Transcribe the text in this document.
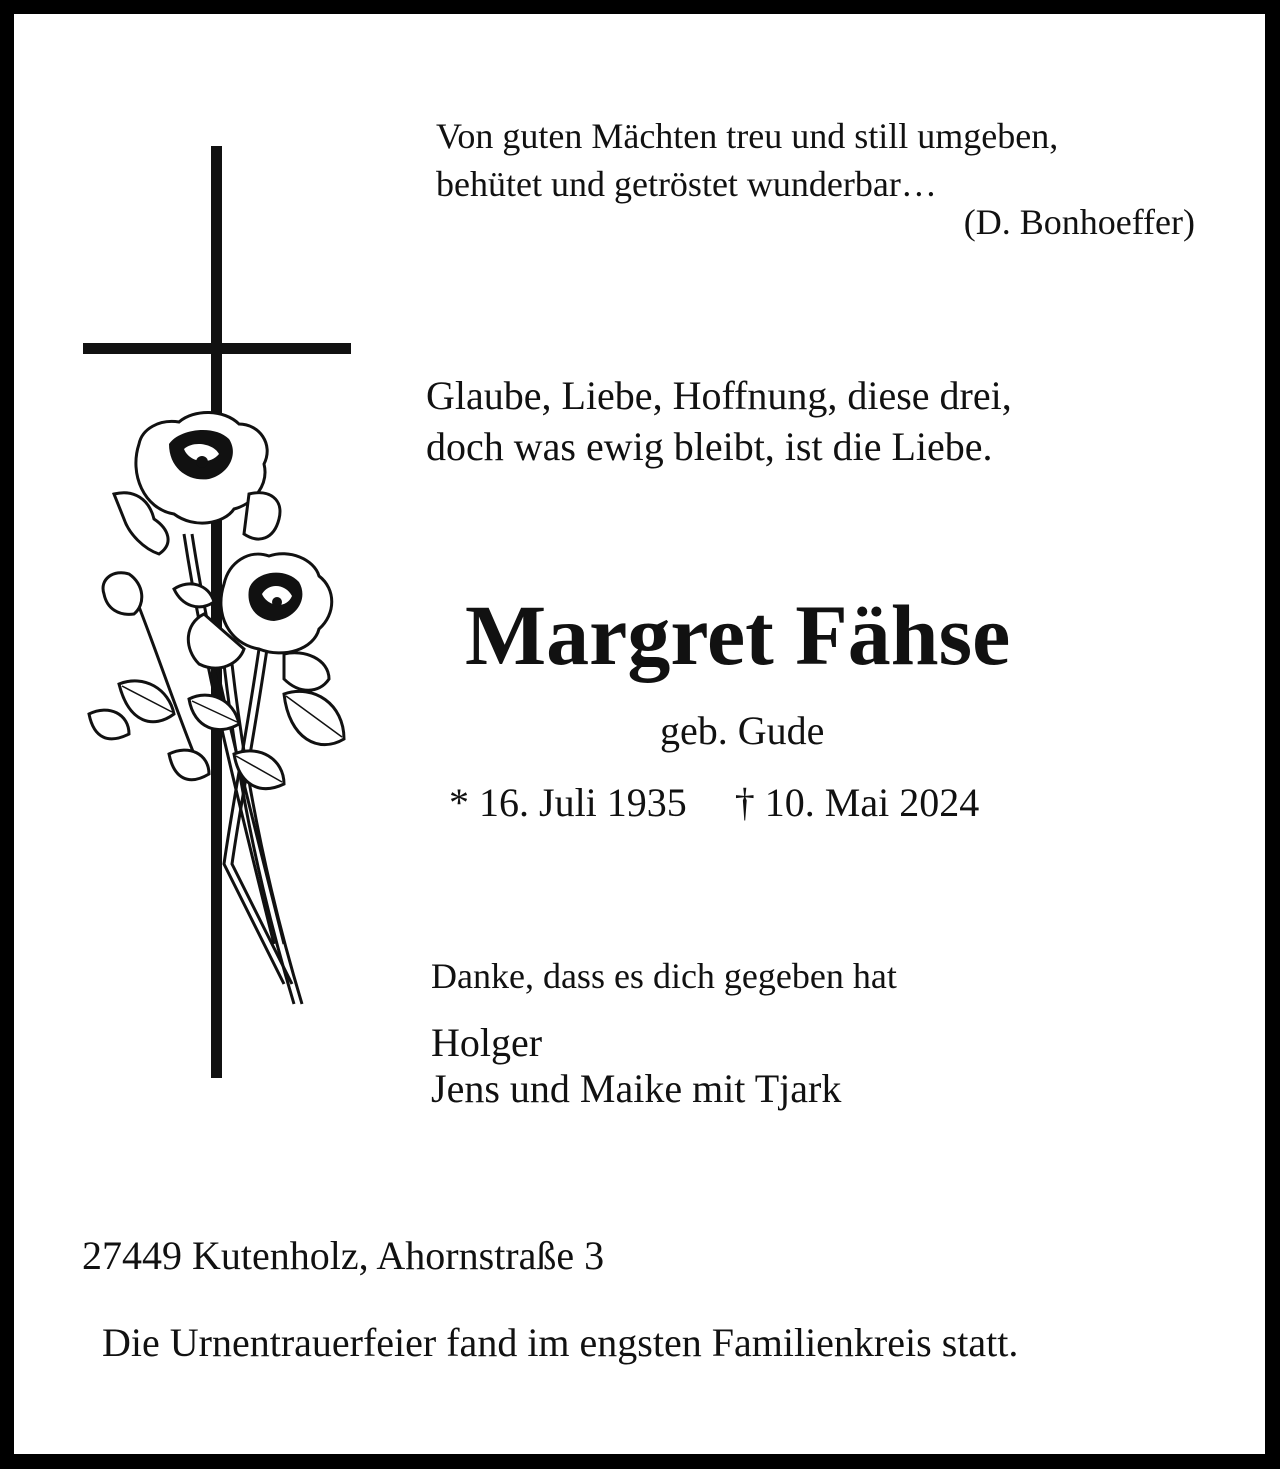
Von guten Mächten treu und still umgeben,
behütet und getröstet wunderbar…
(D. Bonhoeffer)
Glaube, Liebe, Hoffnung, diese drei,
doch was ewig bleibt, ist die Liebe.
Margret Fähse
geb. Gude
* 16. Juli 1935 † 10. Mai 2024
Danke, dass es dich gegeben hat
Holger
Jens und Maike mit Tjark
27449 Kutenholz, Ahornstraße 3
Die Urnentrauerfeier fand im engsten Familienkreis statt.
